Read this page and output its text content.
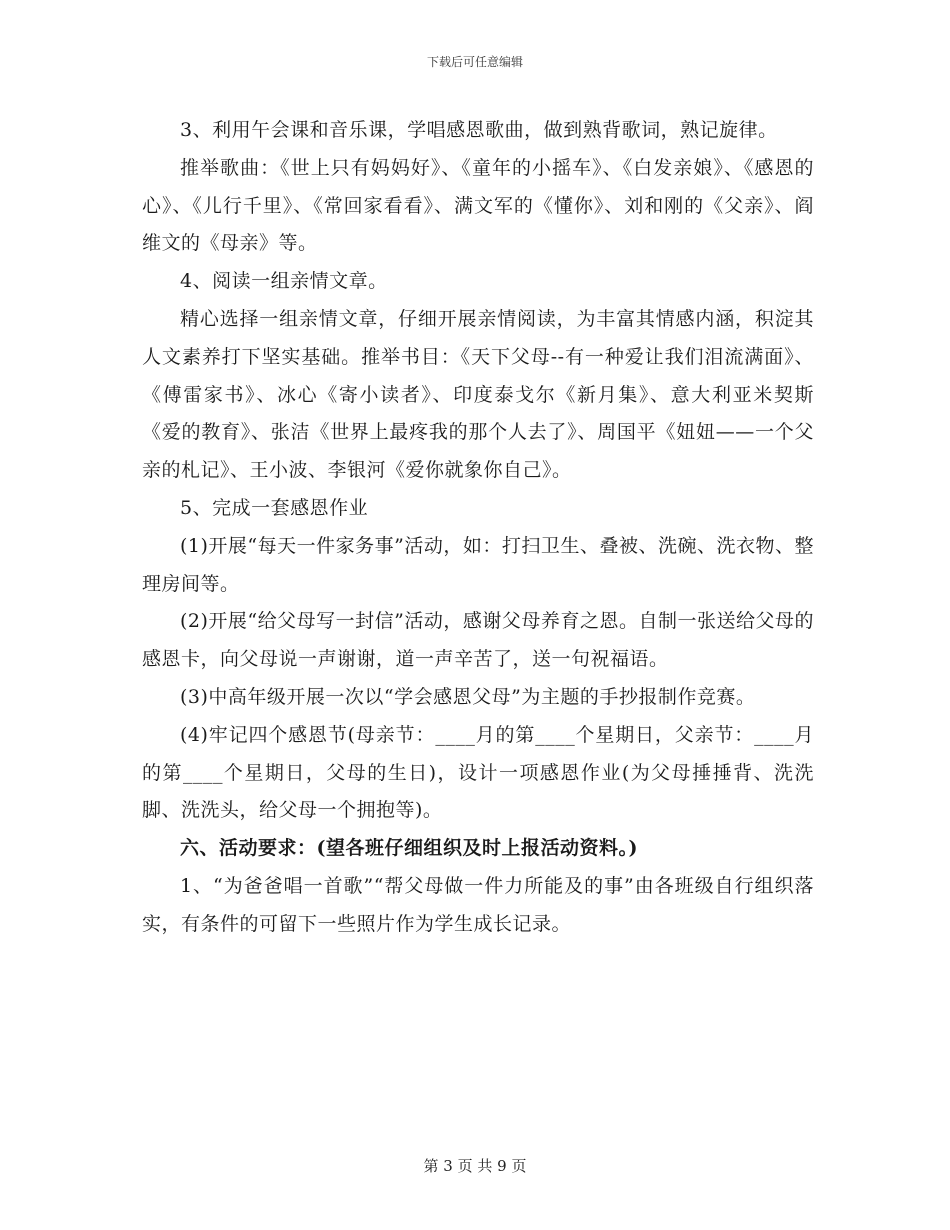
下载后可任意编辑

3、利用午会课和音乐课，学唱感恩歌曲，做到熟背歌词，熟记旋律。

推举歌曲：《世上只有妈妈好》、《童年的小摇车》、《白发亲娘》、《感恩的心》、《儿行千里》、《常回家看看》、满文军的《懂你》、刘和刚的《父亲》、阎维文的《母亲》等。

4、阅读一组亲情文章。

精心选择一组亲情文章，仔细开展亲情阅读，为丰富其情感内涵，积淀其人文素养打下坚实基础。推举书目：《天下父母--有一种爱让我们泪流满面》、《傅雷家书》、冰心《寄小读者》、印度泰戈尔《新月集》、意大利亚米契斯《爱的教育》、张洁《世界上最疼我的那个人去了》、周国平《妞妞——一个父亲的札记》、王小波、李银河《爱你就象你自己》。

5、完成一套感恩作业

(1)开展“每天一件家务事”活动，如：打扫卫生、叠被、洗碗、洗衣物、整理房间等。

(2)开展“给父母写一封信”活动，感谢父母养育之恩。自制一张送给父母的感恩卡，向父母说一声谢谢，道一声辛苦了，送一句祝福语。

(3)中高年级开展一次以“学会感恩父母”为主题的手抄报制作竞赛。

(4)牢记四个感恩节(母亲节：____月的第____个星期日，父亲节：____月的第____个星期日，父母的生日)，设计一项感恩作业(为父母捶捶背、洗洗脚、洗洗头，给父母一个拥抱等)。

六、活动要求：(望各班仔细组织及时上报活动资料。)

1、“为爸爸唱一首歌”“帮父母做一件力所能及的事”由各班级自行组织落实，有条件的可留下一些照片作为学生成长记录。

第 3 页 共 9 页
